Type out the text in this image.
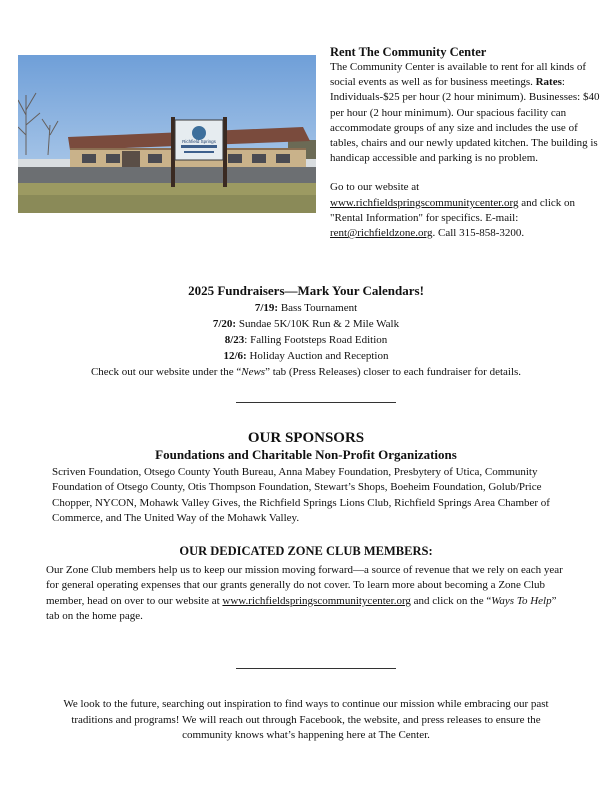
Richfield Springs
Rent The Community Center

The Community Center is available to rent for all kinds of social events as well as for business meetings. Rates: Individuals-$25 per hour (2 hour minimum). Businesses: $40 per hour (2 hour minimum). Our spacious facility can accommodate groups of any size and includes the use of tables, chairs and our newly updated kitchen. The building is handicap accessible and parking is no problem.

Go to our website at
www.richfieldspringscommunitycenter.org and click on "Rental Information" for specifics. E-mail: rent@richfieldzone.org. Call 315-858-3200.

2025 Fundraisers—Mark Your Calendars!
7/19: Bass Tournament
7/20: Sundae 5K/10K Run & 2 Mile Walk
8/23: Falling Footsteps Road Edition
12/6: Holiday Auction and Reception
Check out our website under the “News” tab (Press Releases) closer to each fundraiser for details.
OUR SPONSORS
Foundations and Charitable Non-Profit Organizations
Scriven Foundation, Otsego County Youth Bureau, Anna Mabey Foundation, Presbytery of Utica, Community Foundation of Otsego County, Otis Thompson Foundation, Stewart’s Shops, Boeheim Foundation, Golub/Price Chopper, NYCON, Mohawk Valley Gives, the Richfield Springs Lions Club, Richfield Springs Area Chamber of Commerce, and The United Way of the Mohawk Valley.
OUR DEDICATED ZONE CLUB MEMBERS:
Our Zone Club members help us to keep our mission moving forward—a source of revenue that we rely on each year for general operating expenses that our grants generally do not cover. To learn more about becoming a Zone Club member, head on over to our website at www.richfieldspringscommunitycenter.org and click on the “Ways To Help” tab on the home page.
We look to the future, searching out inspiration to find ways to continue our mission while embracing our past traditions and programs! We will reach out through Facebook, the website, and press releases to ensure the community knows what’s happening here at The Center.
